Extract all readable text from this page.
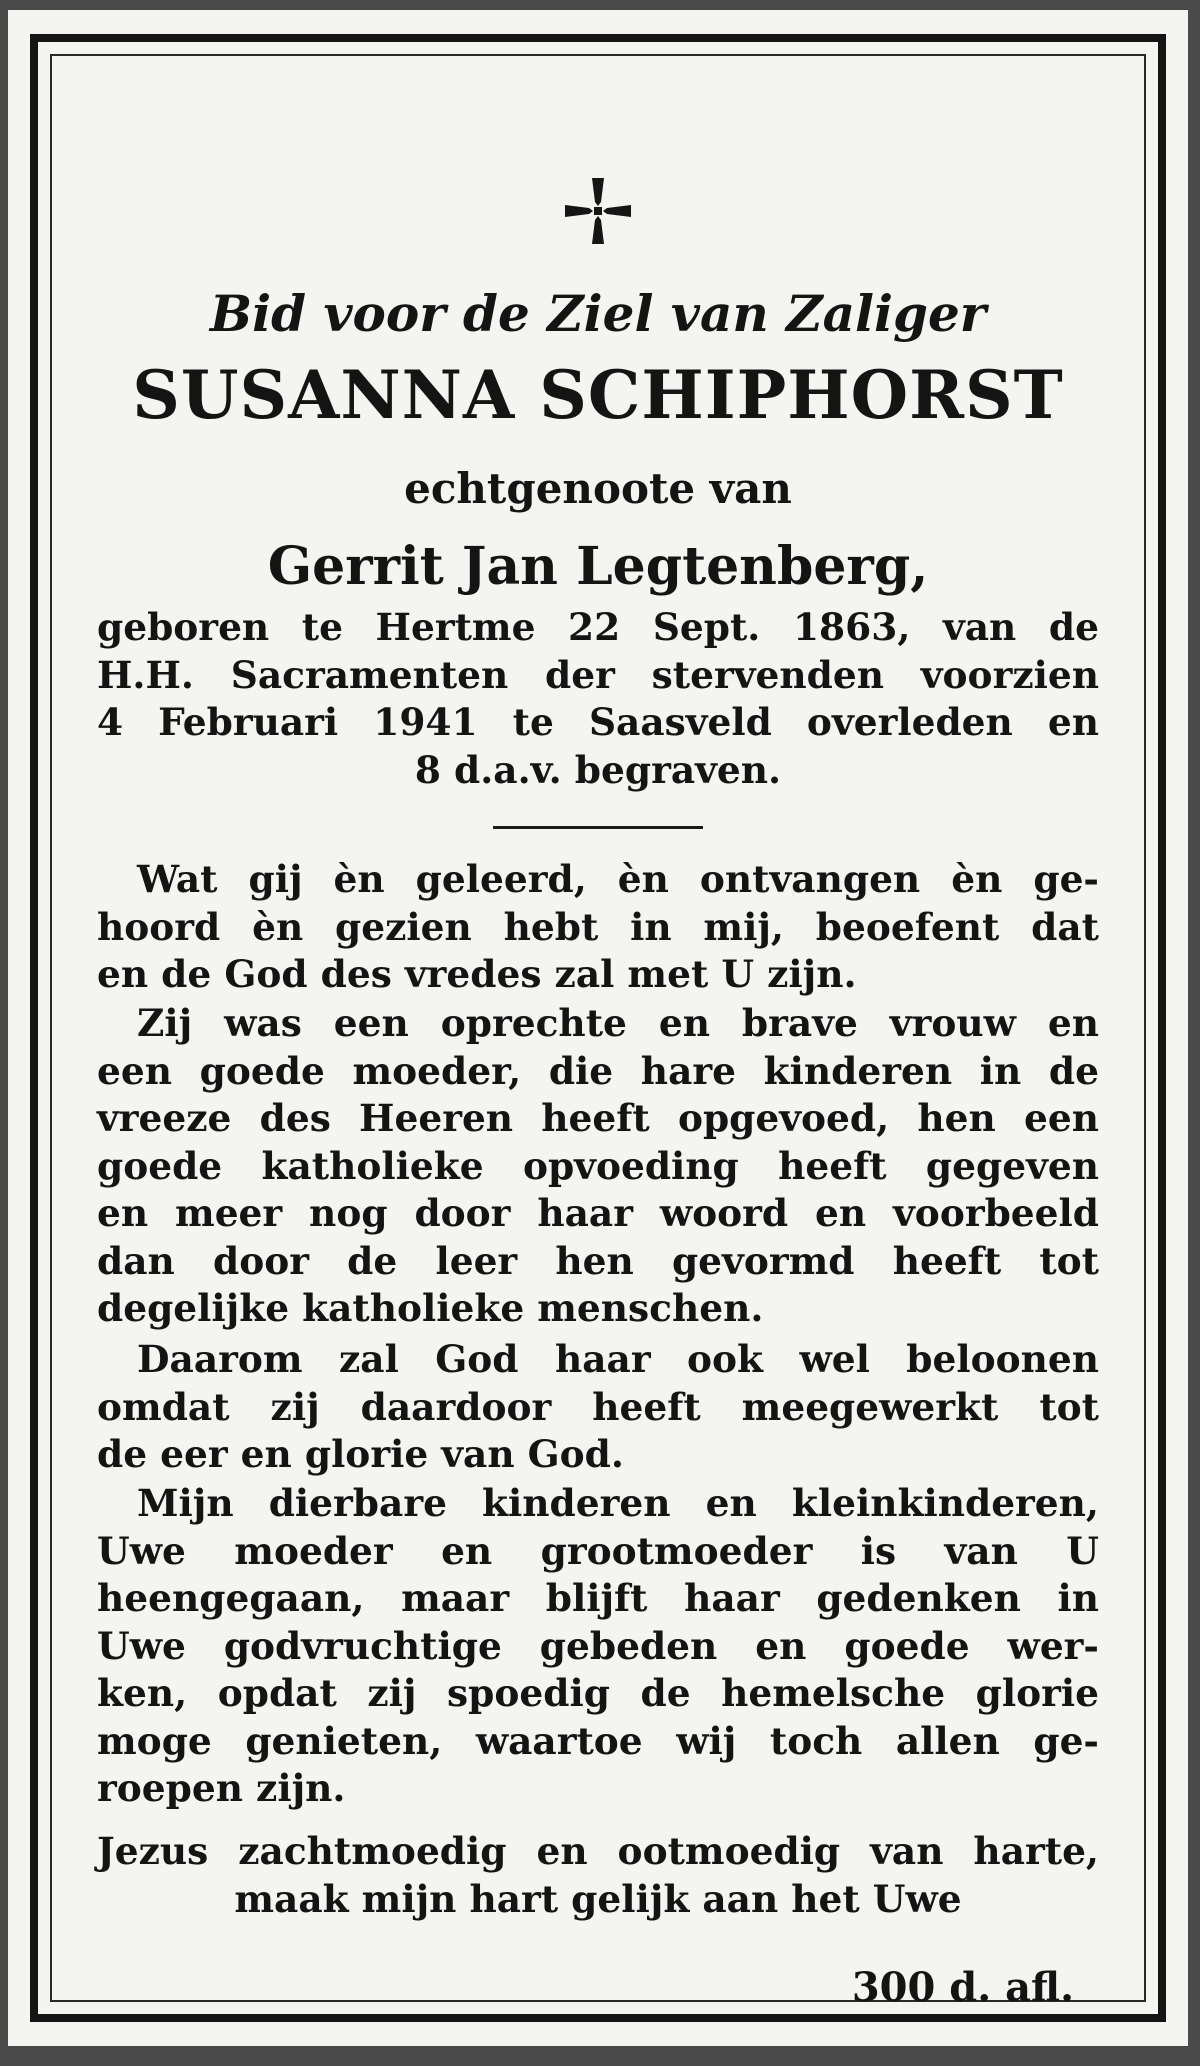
Bid voor de Ziel van Zaliger
SUSANNA SCHIPHORST
echtgenoote van
Gerrit Jan Legtenberg,
geboren te Hertme 22 Sept. 1863, van de
H.H. Sacramenten der stervenden voorzien
4 Februari 1941 te Saasveld overleden en
8 d.a.v. begraven.
Wat gij èn geleerd, èn ontvangen èn ge-
hoord èn gezien hebt in mij, beoefent dat
en de God des vredes zal met U zijn.
Zij was een oprechte en brave vrouw en
een goede moeder, die hare kinderen in de
vreeze des Heeren heeft opgevoed, hen een
goede katholieke opvoeding heeft gegeven
en meer nog door haar woord en voorbeeld
dan door de leer hen gevormd heeft tot
degelijke katholieke menschen.
Daarom zal God haar ook wel beloonen
omdat zij daardoor heeft meegewerkt tot
de eer en glorie van God.
Mijn dierbare kinderen en kleinkinderen,
Uwe moeder en grootmoeder is van U
heengegaan, maar blijft haar gedenken in
Uwe godvruchtige gebeden en goede wer-
ken, opdat zij spoedig de hemelsche glorie
moge genieten, waartoe wij toch allen ge-
roepen zijn.
Jezus zachtmoedig en ootmoedig van harte,
maak mijn hart gelijk aan het Uwe
300 d. afl.
